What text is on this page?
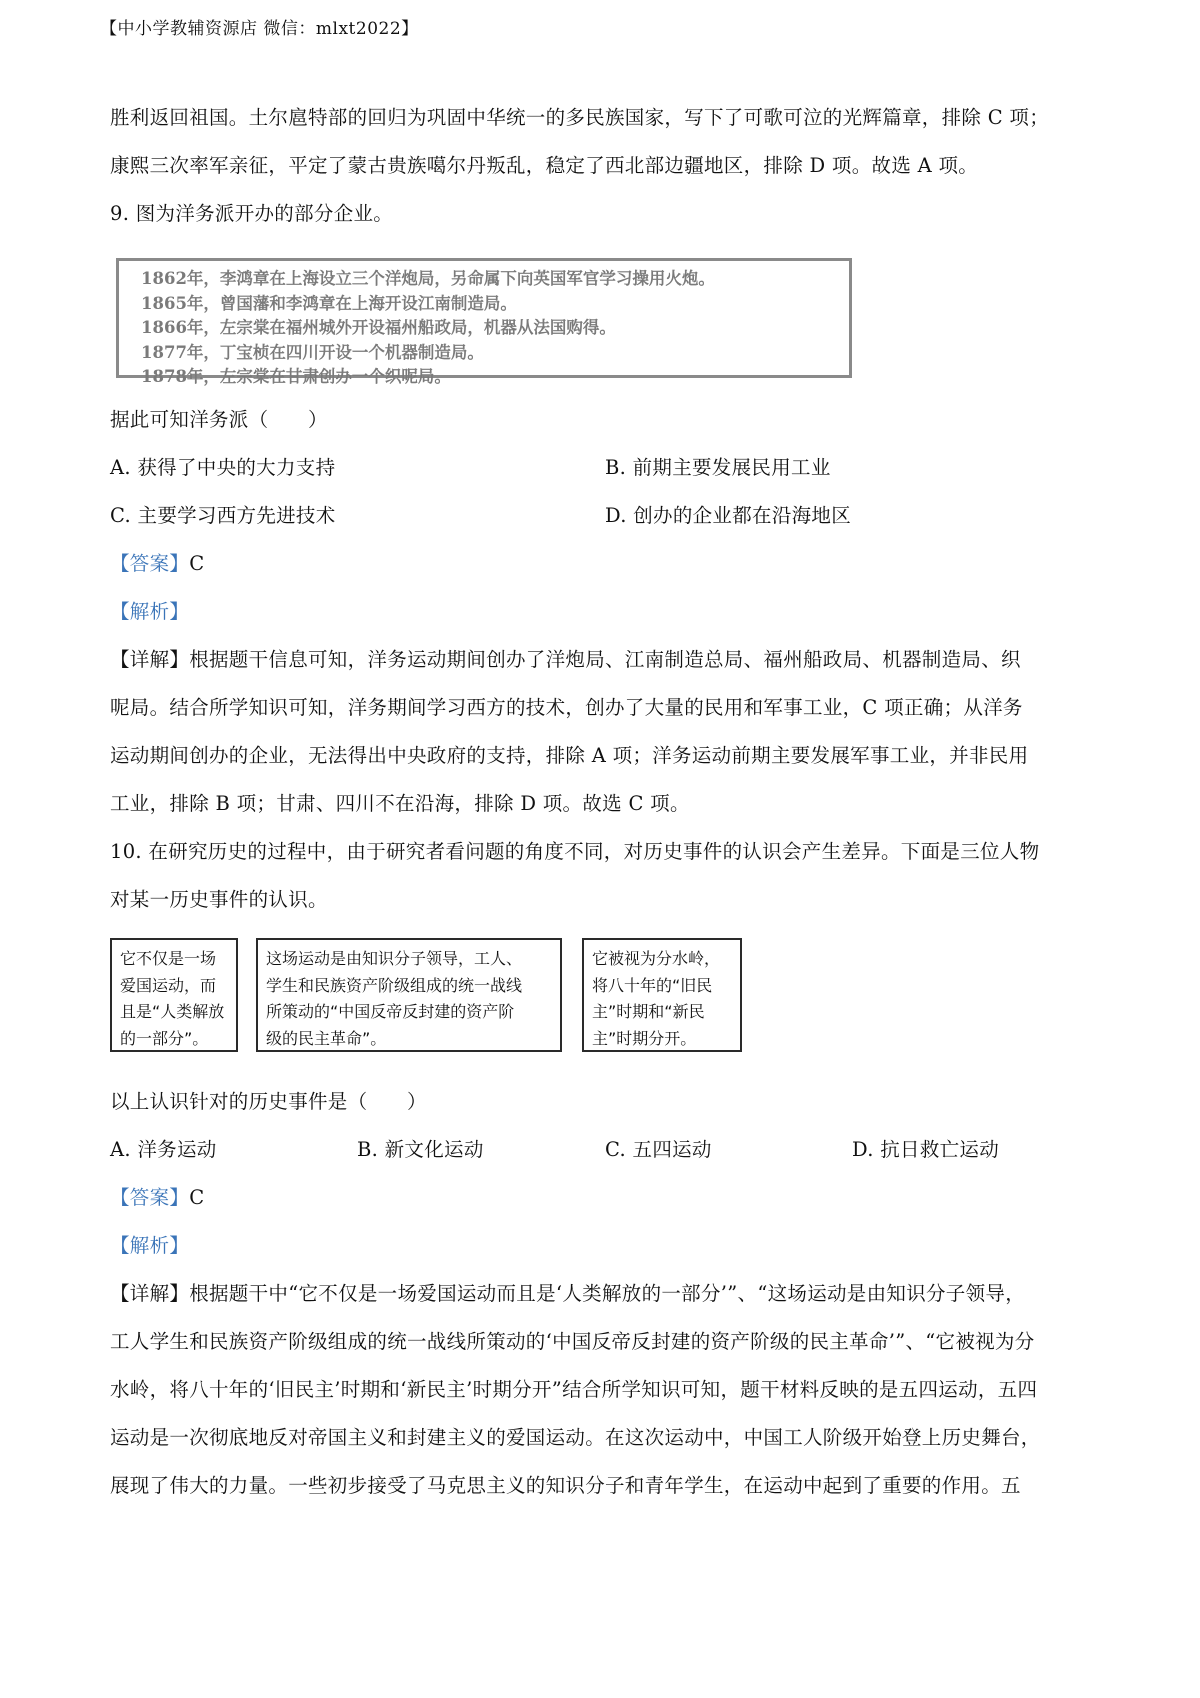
【中小学教辅资源店 微信：mlxt2022】

胜利返回祖国。土尔扈特部的回归为巩固中华统一的多民族国家，写下了可歌可泣的光辉篇章，排除 C 项；

康熙三次率军亲征，平定了蒙古贵族噶尔丹叛乱，稳定了西北部边疆地区，排除 D 项。故选 A 项。

9. 图为洋务派开办的部分企业。

1862年，李鸿章在上海设立三个洋炮局，另命属下向英国军官学习操用火炮。
1865年，曾国藩和李鸿章在上海开设江南制造局。
1866年，左宗棠在福州城外开设福州船政局，机器从法国购得。
1877年，丁宝桢在四川开设一个机器制造局。
1878年，左宗棠在甘肃创办一个织呢局。

据此可知洋务派（　　）

A. 获得了中央的大力支持	B. 前期主要发展民用工业

C. 主要学习西方先进技术	D. 创办的企业都在沿海地区

【答案】C

【解析】

【详解】根据题干信息可知，洋务运动期间创办了洋炮局、江南制造总局、福州船政局、机器制造局、织

呢局。结合所学知识可知，洋务期间学习西方的技术，创办了大量的民用和军事工业，C 项正确；从洋务

运动期间创办的企业，无法得出中央政府的支持，排除 A 项；洋务运动前期主要发展军事工业，并非民用

工业，排除 B 项；甘肃、四川不在沿海，排除 D 项。故选 C 项。

10. 在研究历史的过程中，由于研究者看问题的角度不同，对历史事件的认识会产生差异。下面是三位人物

对某一历史事件的认识。

它不仅是一场
爱国运动，而
且是“人类解放
的一部分”。
这场运动是由知识分子领导，工人、
学生和民族资产阶级组成的统一战线
所策动的“中国反帝反封建的资产阶
级的民主革命”。
它被视为分水岭，
将八十年的“旧民
主”时期和“新民
主”时期分开。

以上认识针对的历史事件是（　　）

A. 洋务运动	B. 新文化运动	C. 五四运动	D. 抗日救亡运动

【答案】C

【解析】

【详解】根据题干中“它不仅是一场爱国运动而且是‘人类解放的一部分’”、“这场运动是由知识分子领导，

工人学生和民族资产阶级组成的统一战线所策动的‘中国反帝反封建的资产阶级的民主革命’”、“它被视为分

水岭，将八十年的‘旧民主’时期和‘新民主’时期分开”结合所学知识可知，题干材料反映的是五四运动，五四

运动是一次彻底地反对帝国主义和封建主义的爱国运动。在这次运动中，中国工人阶级开始登上历史舞台，

展现了伟大的力量。一些初步接受了马克思主义的知识分子和青年学生，在运动中起到了重要的作用。五
